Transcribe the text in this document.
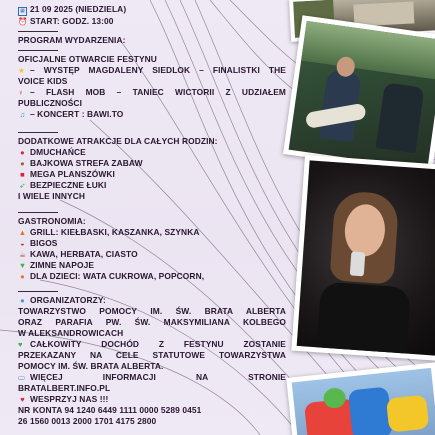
▦ 21 09 2025 (NIEDZIELA)
⏰ START: GODZ. 13:00
PROGRAM WYDARZENIA:
OFICJALNE OTWARCIE FESTYNU
★ – WYSTĘP MAGDALENY SIEDLOK – FINALISTKI THE
VOICE KIDS
♀ – FLASH MOB – TANIEC WICTORII Z UDZIAŁEM
PUBLICZNOŚCI
♫ – KONCERT : BAWI.TO
DODATKOWE ATRAKCJE DLA CAŁYCH RODZIN:
● DMUCHAŃCE
● BAJKOWA STREFA ZABAW
■ MEGA PLANSZÓWKI
➶ BEZPIECZNE ŁUKI
I WIELE INNYCH
GASTRONOMIA:
▲ GRILL: KIEŁBASKI, KASZANKA, SZYNKA
◒ BIGOS
☕ KAWA, HERBATA, CIASTO
▼ ZIMNE NAPOJE
● DLA DZIECI: WATA CUKROWA, POPCORN,
● ORGANIZATORZY:
TOWARZYSTWO POMOCY IM. ŚW. BRATA ALBERTA
ORAZ PARAFIA PW. ŚW. MAKSYMILIANA KOLBEGO
W ALEKSANDROWICACH
♥ CAŁKOWITY DOCHÓD Z FESTYNU ZOSTANIE
PRZEKAZANY NA CELE STATUTOWE TOWARZYSTWA
POMOCY IM. ŚW. BRATA ALBERTA.
▭ WIĘCEJ INFORMACJI NA STRONIE
BRATALBERT.INFO.PL
♥ WESPRZYJ NAS !!!
NR KONTA 94 1240 6449 1111 0000 5289 0451
26 1560 0013 2000 1701 4175 2800
